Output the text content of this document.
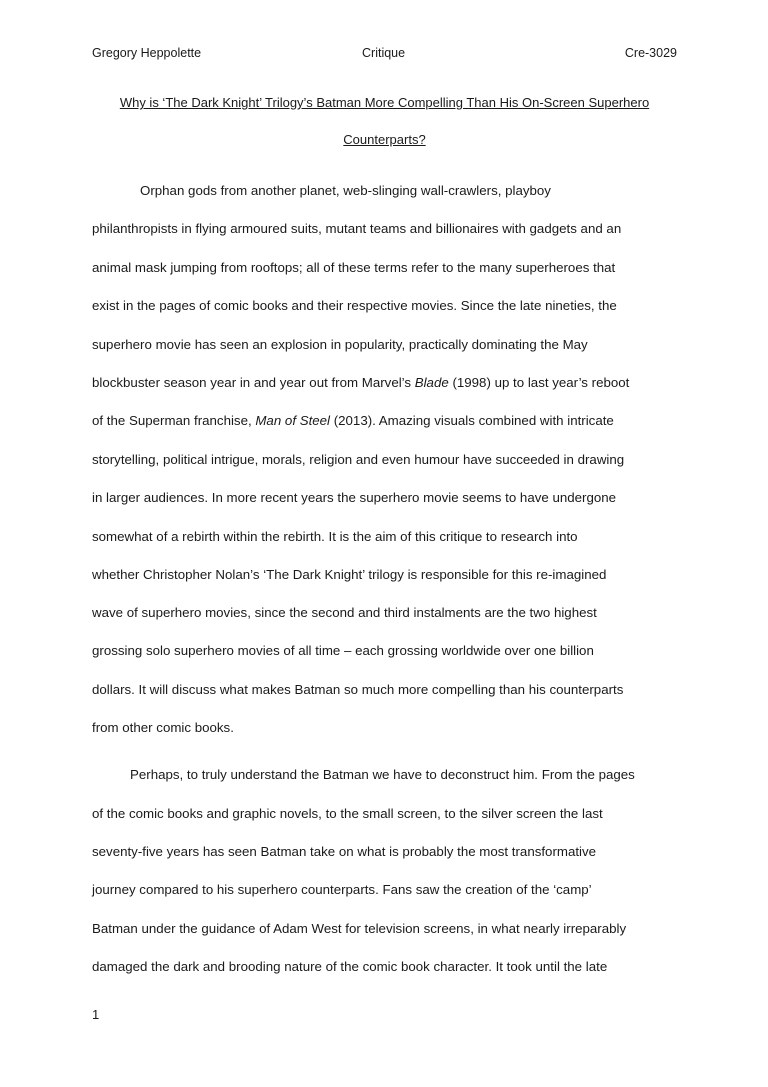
Gregory Heppolette	Critique	Cre-3029
Why is ‘The Dark Knight’ Trilogy’s Batman More Compelling Than His On-Screen Superhero
Counterparts?
Orphan gods from another planet, web-slinging wall-crawlers, playboy
philanthropists in flying armoured suits, mutant teams and billionaires with gadgets and an
animal mask jumping from rooftops; all of these terms refer to the many superheroes that
exist in the pages of comic books and their respective movies. Since the late nineties, the
superhero movie has seen an explosion in popularity, practically dominating the May
blockbuster season year in and year out from Marvel’s Blade (1998) up to last year’s reboot
of the Superman franchise, Man of Steel (2013). Amazing visuals combined with intricate
storytelling, political intrigue, morals, religion and even humour have succeeded in drawing
in larger audiences. In more recent years the superhero movie seems to have undergone
somewhat of a rebirth within the rebirth. It is the aim of this critique to research into
whether Christopher Nolan’s ‘The Dark Knight’ trilogy is responsible for this re-imagined
wave of superhero movies, since the second and third instalments are the two highest
grossing solo superhero movies of all time – each grossing worldwide over one billion
dollars. It will discuss what makes Batman so much more compelling than his counterparts
from other comic books.
Perhaps, to truly understand the Batman we have to deconstruct him. From the pages
of the comic books and graphic novels, to the small screen, to the silver screen the last
seventy-five years has seen Batman take on what is probably the most transformative
journey compared to his superhero counterparts. Fans saw the creation of the ‘camp’
Batman under the guidance of Adam West for television screens, in what nearly irreparably
damaged the dark and brooding nature of the comic book character. It took until the late
1
